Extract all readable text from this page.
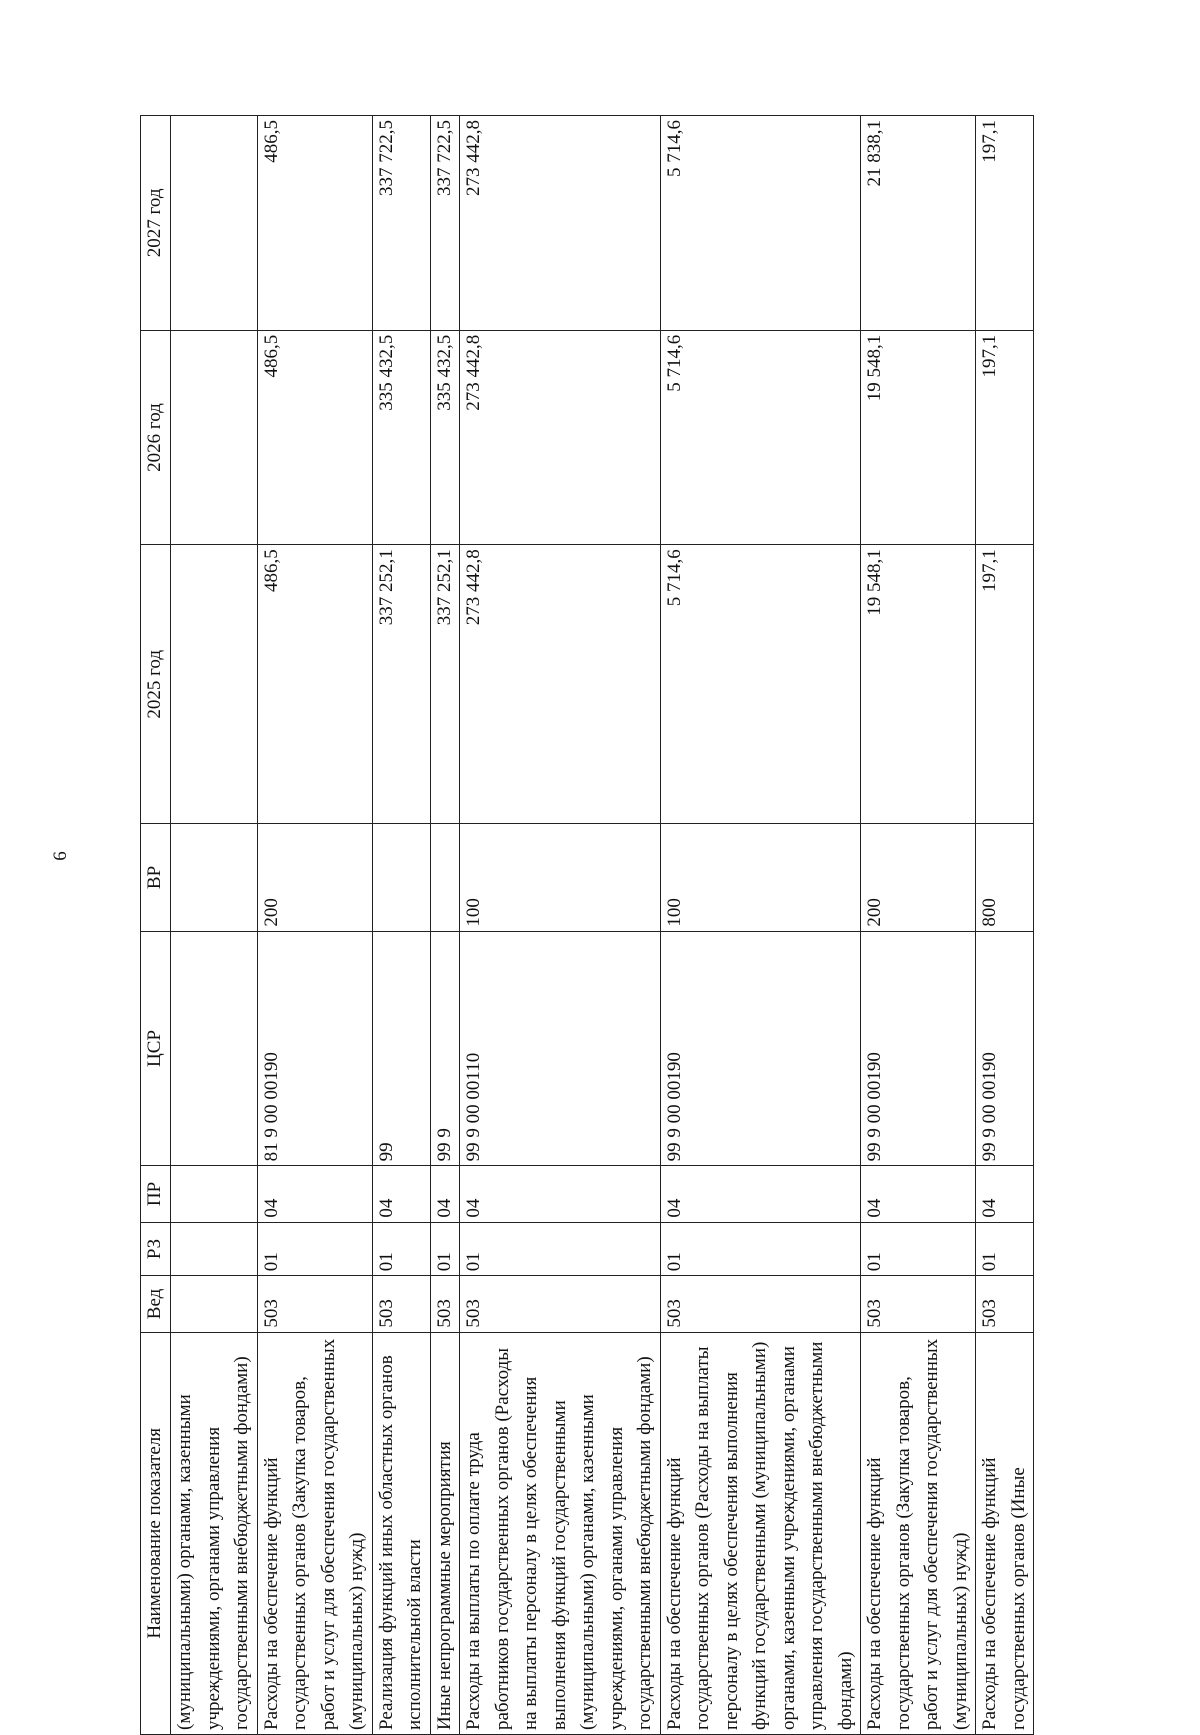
6
Наименование показателя	Вед	РЗ	ПР	ЦСР	ВР	2025 год	2026 год	2027 год
(муниципальными) органами, казенными учреждениями, органами управления государственными внебюджетными фондами)								
Расходы на обеспечение функций государственных органов (Закупка товаров, работ и услуг для обеспечения государственных (муниципальных) нужд)	503	01	04	81 9 00 00190	200	486,5	486,5	486,5
Реализация функций иных областных органов исполнительной власти	503	01	04	99		337 252,1	335 432,5	337 722,5
Иные непрограммные мероприятия	503	01	04	99 9		337 252,1	335 432,5	337 722,5
Расходы на выплаты по оплате труда работников государственных органов (Расходы на выплаты персоналу в целях обеспечения выполнения функций государственными (муниципальными) органами, казенными учреждениями, органами управления государственными внебюджетными фондами)	503	01	04	99 9 00 00110	100	273 442,8	273 442,8	273 442,8
Расходы на обеспечение функций государственных органов (Расходы на выплаты персоналу в целях обеспечения выполнения функций государственными (муниципальными) органами, казенными учреждениями, органами управления государственными внебюджетными фондами)	503	01	04	99 9 00 00190	100	5 714,6	5 714,6	5 714,6
Расходы на обеспечение функций государственных органов (Закупка товаров, работ и услуг для обеспечения государственных (муниципальных) нужд)	503	01	04	99 9 00 00190	200	19 548,1	19 548,1	21 838,1
Расходы на обеспечение функций государственных органов (Иные	503	01	04	99 9 00 00190	800	197,1	197,1	197,1
